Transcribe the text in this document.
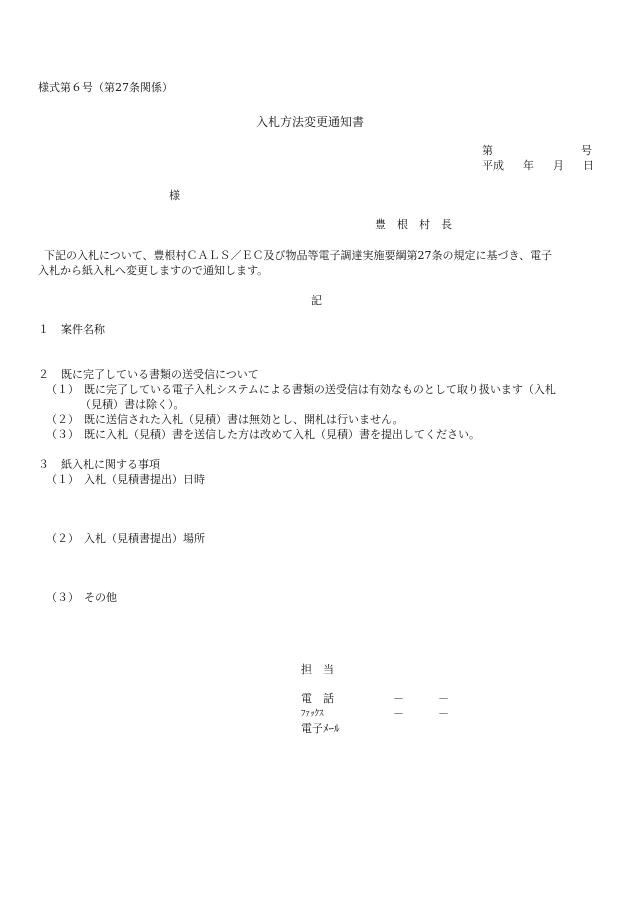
様式第６号（第27条関係）
入札方法変更通知書
第	号
平成 年 月 日
様
豊　根　村　長
下記の入札について、豊根村ＣＡＬＳ／ＥＣ及び物品等電子調達実施要綱第27条の規定に基づき、電子
入札から紙入札へ変更しますので通知します。
記
１ 案件名称
２ 既に完了している書類の送受信について
（１） 既に完了している電子入札システムによる書類の送受信は有効なものとして取り扱います（入札
（見積）書は除く）。
（２） 既に送信された入札（見積）書は無効とし、開札は行いません。
（３） 既に入札（見積）書を送信した方は改めて入札（見積）書を提出してください。
３ 紙入札に関する事項
（１） 入札（見積書提出）日時
（２） 入札（見積書提出）場所
（３） その他
担　当
電　話	－	－
ﾌｧｯｸｽ	－	－
電子ﾒｰﾙ
